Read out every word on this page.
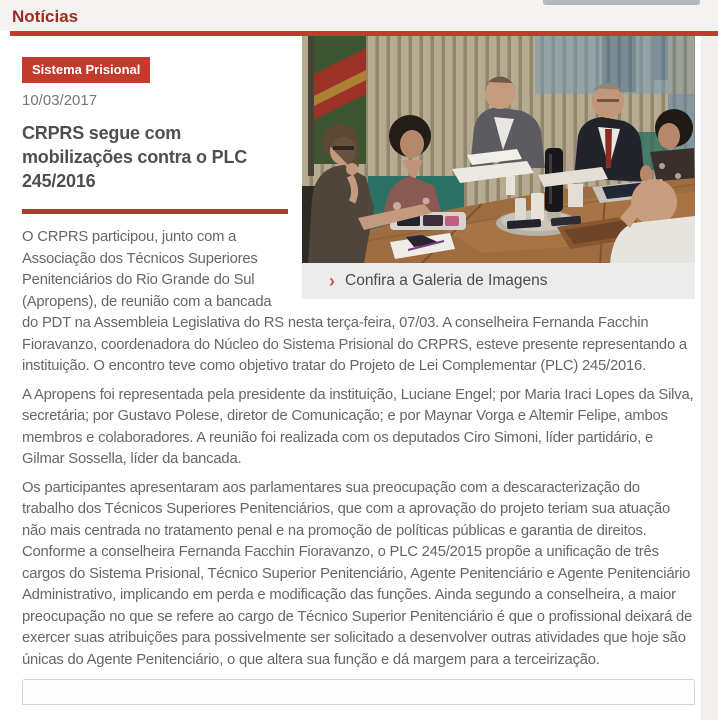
Notícias
› Confira a Galeria de Imagens
Sistema Prisional
10/03/2017
CRPRS segue com mobilizações contra o PLC 245/2016

O CRPRS participou, junto com a Associação dos Técnicos Superiores Penitenciários do Rio Grande do Sul (Apropens), de reunião com a bancada do PDT na Assembleia Legislativa do RS nesta terça-feira, 07/03. A conselheira Fernanda Facchin Fioravanzo, coordenadora do Núcleo do Sistema Prisional do CRPRS, esteve presente representando a instituição. O encontro teve como objetivo tratar do Projeto de Lei Complementar (PLC) 245/2016.

A Apropens foi representada pela presidente da instituição, Luciane Engel; por Maria Iraci Lopes da Silva, secretária; por Gustavo Polese, diretor de Comunicação; e por Maynar Vorga e Altemir Felipe, ambos membros e colaboradores. A reunião foi realizada com os deputados Ciro Simoni, líder partidário, e Gilmar Sossella, líder da bancada.

Os participantes apresentaram aos parlamentares sua preocupação com a descaracterização do trabalho dos Técnicos Superiores Penitenciários, que com a aprovação do projeto teriam sua atuação não mais centrada no tratamento penal e na promoção de políticas públicas e garantia de direitos. Conforme a conselheira Fernanda Facchin Fioravanzo, o PLC 245/2015 propõe a unificação de três cargos do Sistema Prisional, Técnico Superior Penitenciário, Agente Penitenciário e Agente Penitenciário Administrativo, implicando em perda e modificação das funções. Ainda segundo a conselheira, a maior preocupação no que se refere ao cargo de Técnico Superior Penitenciário é que o profissional deixará de exercer suas atribuições para possivelmente ser solicitado a desenvolver outras atividades que hoje são únicas do Agente Penitenciário, o que altera sua função e dá margem para a terceirização.
